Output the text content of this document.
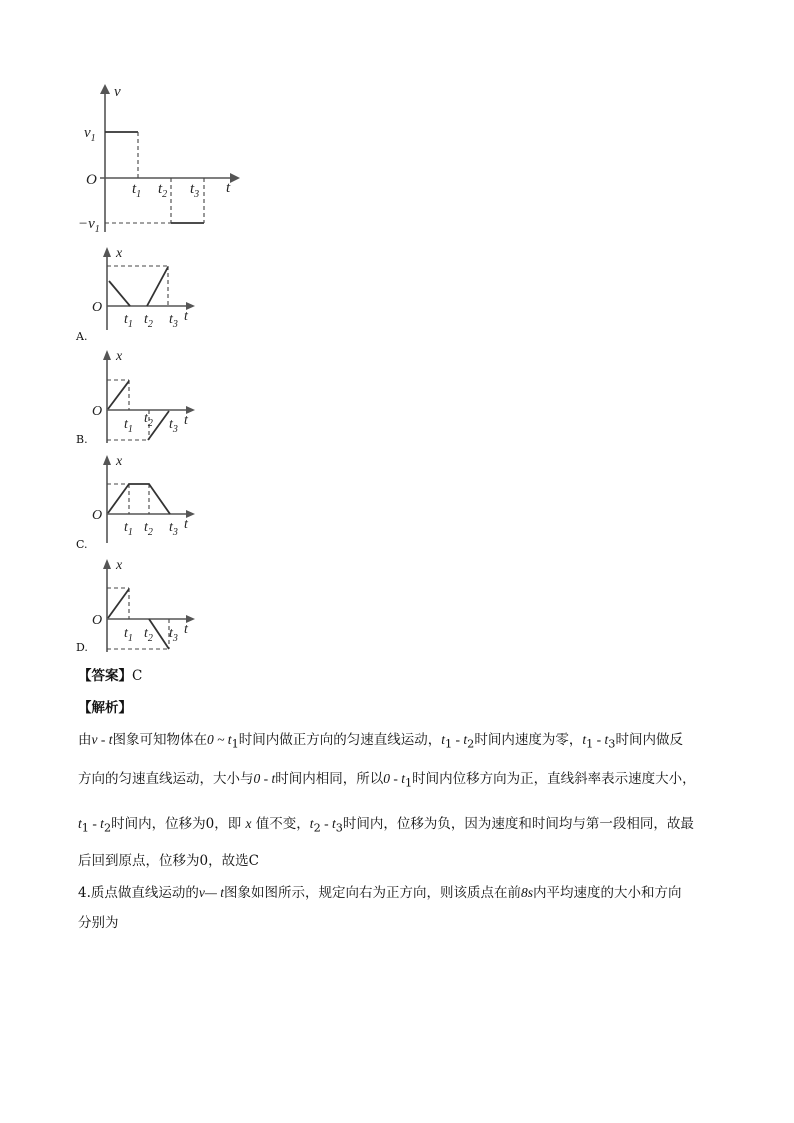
v
$v_1$
O	t
$t_1$ $t_2$ $t_3$
$-v_1$
x
O
t
$t_1$ $t_2$ $t_3$
A.
x
O
t
$t_1$
$t_2$ $t_3$
B.
x
O
t
$t_1$ $t_2$ $t_3$
C.
x
O
t
$t_1$ $t_2$ $t_3$
D.
【答案】C
【解析】
由v - t图象可知物体在0 ~ $t_1$时间内做正方向的匀速直线运动，$t_1 - t_2$时间内速度为零，$t_1 - t_3$时间内做反
方向的匀速直线运动，大小与0 - t时间内相同，所以$0 - t_1$时间内位移方向为正，直线斜率表示速度大小，
$t_1 - t_2$时间内，位移为0，即 x 值不变，$t_2 - t_3$时间内，位移为负，因为速度和时间均与第一段相同，故最
后回到原点，位移为0，故选C
4.质点做直线运动的v— t图象如图所示，规定向右为正方向，则该质点在前8s内平均速度的大小和方向
分别为
